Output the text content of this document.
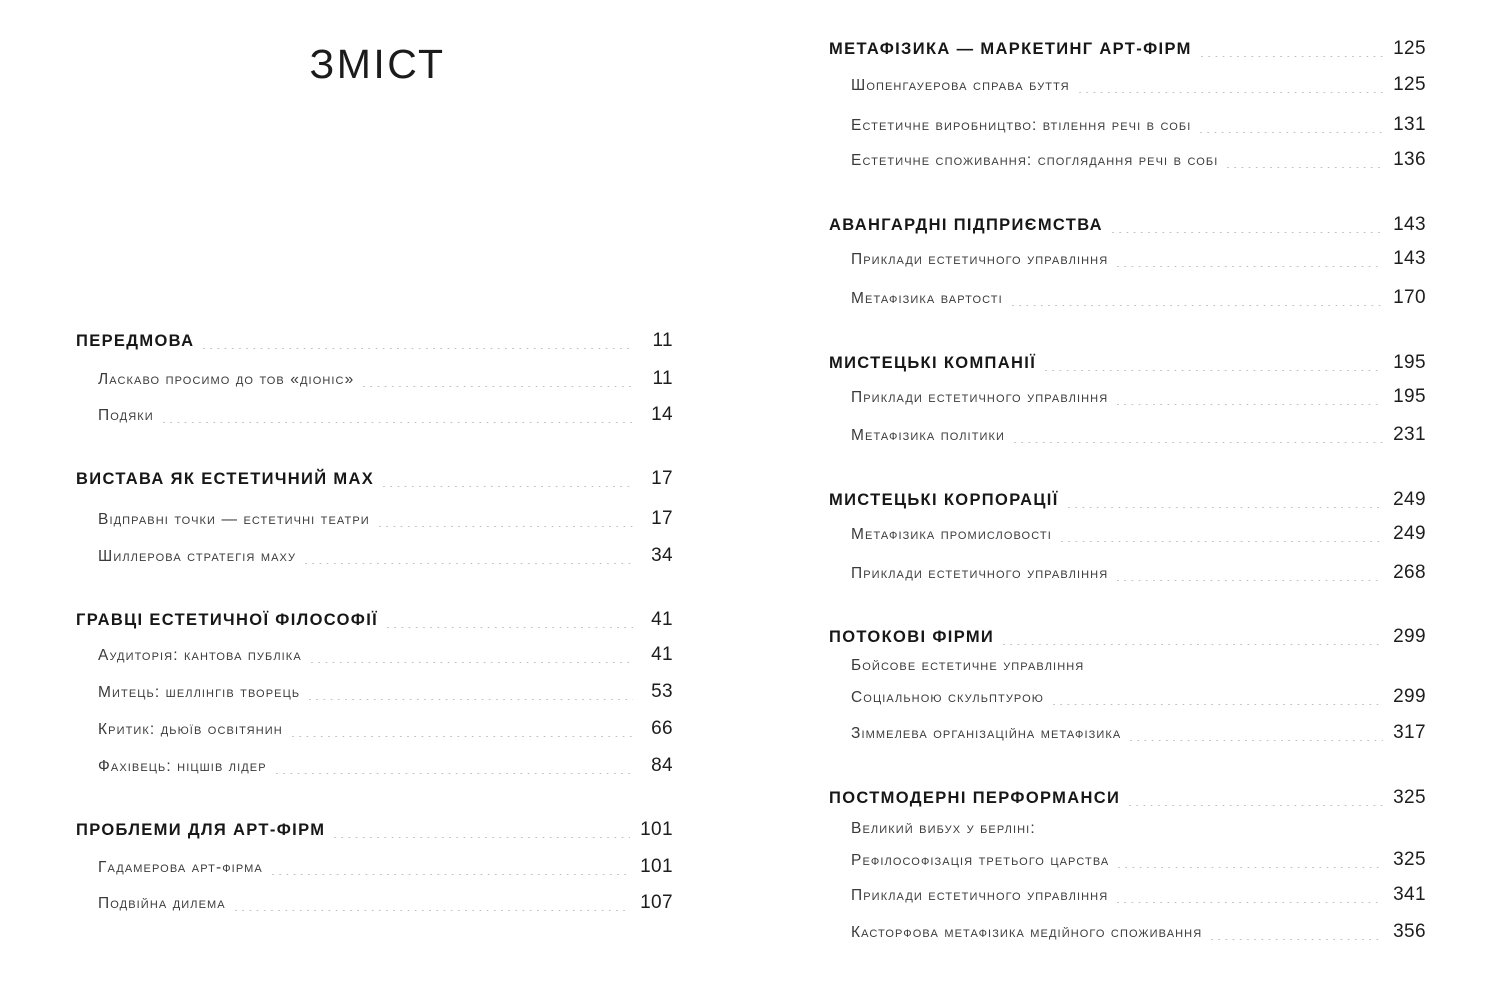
ЗМІСТ
ПЕРЕДМОВА	11
Ласкаво просимо до тов «діоніс»	11
Подяки	14
ВИСТАВА ЯК ЕСТЕТИЧНИЙ МАХ	17
Відправні точки — естетичні театри	17
Шиллерова стратегія маху	34
ГРАВЦІ ЕСТЕТИЧНОЇ ФІЛОСОФІЇ	41
Аудиторія: кантова публіка	41
Митець: шеллінгів творець	53
Критик: дьюїв освітянин	66
Фахівець: ніцшів лідер	84
ПРОБЛЕМИ ДЛЯ АРТ-ФІРМ	101
Гадамерова арт-фірма	101
Подвійна дилема	107
МЕТАФІЗИКА — МАРКЕТИНГ АРТ-ФІРМ	125
Шопенгауерова справа буття	125
Естетичне виробництво: втілення речі в собі	131
Естетичне споживання: споглядання речі в собі	136
АВАНГАРДНІ ПІДПРИЄМСТВА	143
Приклади естетичного управління	143
Метафізика вартості	170
МИСТЕЦЬКІ КОМПАНІЇ	195
Приклади естетичного управління	195
Метафізика політики	231
МИСТЕЦЬКІ КОРПОРАЦІЇ	249
Метафізика промисловості	249
Приклади естетичного управління	268
ПОТОКОВІ ФІРМИ	299
Бойсове естетичне управління
Соціальною скульптурою	299
Зіммелева організаційна метафізика	317
ПОСТМОДЕРНІ ПЕРФОРМАНСИ	325
Великий вибух у берліні:
Рефілософізація третього царства	325
Приклади естетичного управління	341
Касторфова метафізика медійного споживання	356
